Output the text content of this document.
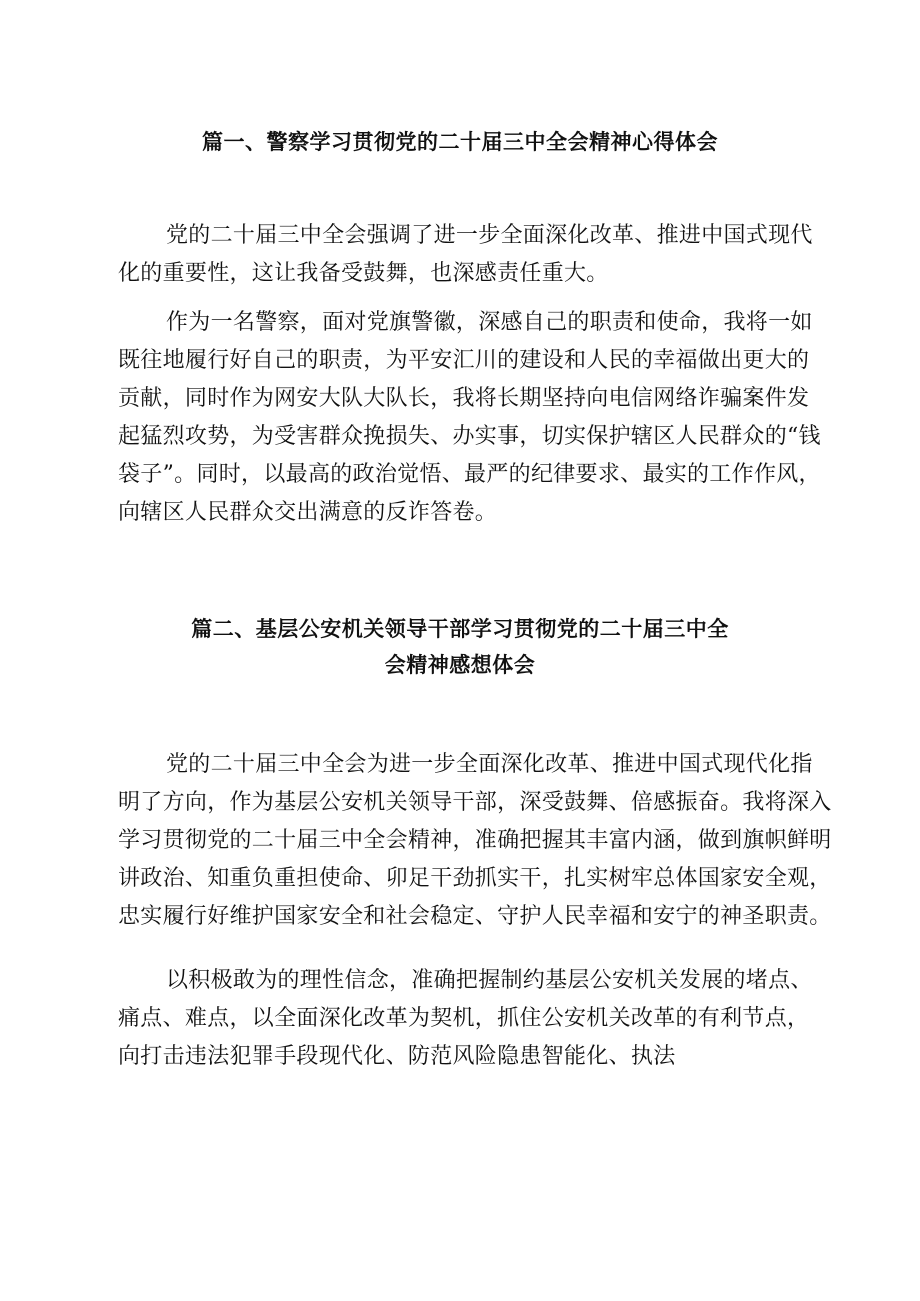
篇一、警察学习贯彻党的二十届三中全会精神心得体会
党的二十届三中全会强调了进一步全面深化改革、推进中国式现代
化的重要性，这让我备受鼓舞，也深感责任重大。
作为一名警察，面对党旗警徽，深感自己的职责和使命，我将一如
既往地履行好自己的职责，为平安汇川的建设和人民的幸福做出更大的
贡献，同时作为网安大队大队长，我将长期坚持向电信网络诈骗案件发
起猛烈攻势，为受害群众挽损失、办实事，切实保护辖区人民群众的“钱
袋子”。同时，以最高的政治觉悟、最严的纪律要求、最实的工作作风，
向辖区人民群众交出满意的反诈答卷。
篇二、基层公安机关领导干部学习贯彻党的二十届三中全
会精神感想体会
党的二十届三中全会为进一步全面深化改革、推进中国式现代化指
明了方向，作为基层公安机关领导干部，深受鼓舞、倍感振奋。我将深入
学习贯彻党的二十届三中全会精神，准确把握其丰富内涵，做到旗帜鲜明
讲政治、知重负重担使命、卯足干劲抓实干，扎实树牢总体国家安全观，
忠实履行好维护国家安全和社会稳定、守护人民幸福和安宁的神圣职责。
以积极敢为的理性信念，准确把握制约基层公安机关发展的堵点、
痛点、难点，以全面深化改革为契机，抓住公安机关改革的有利节点，
向打击违法犯罪手段现代化、防范风险隐患智能化、执法
